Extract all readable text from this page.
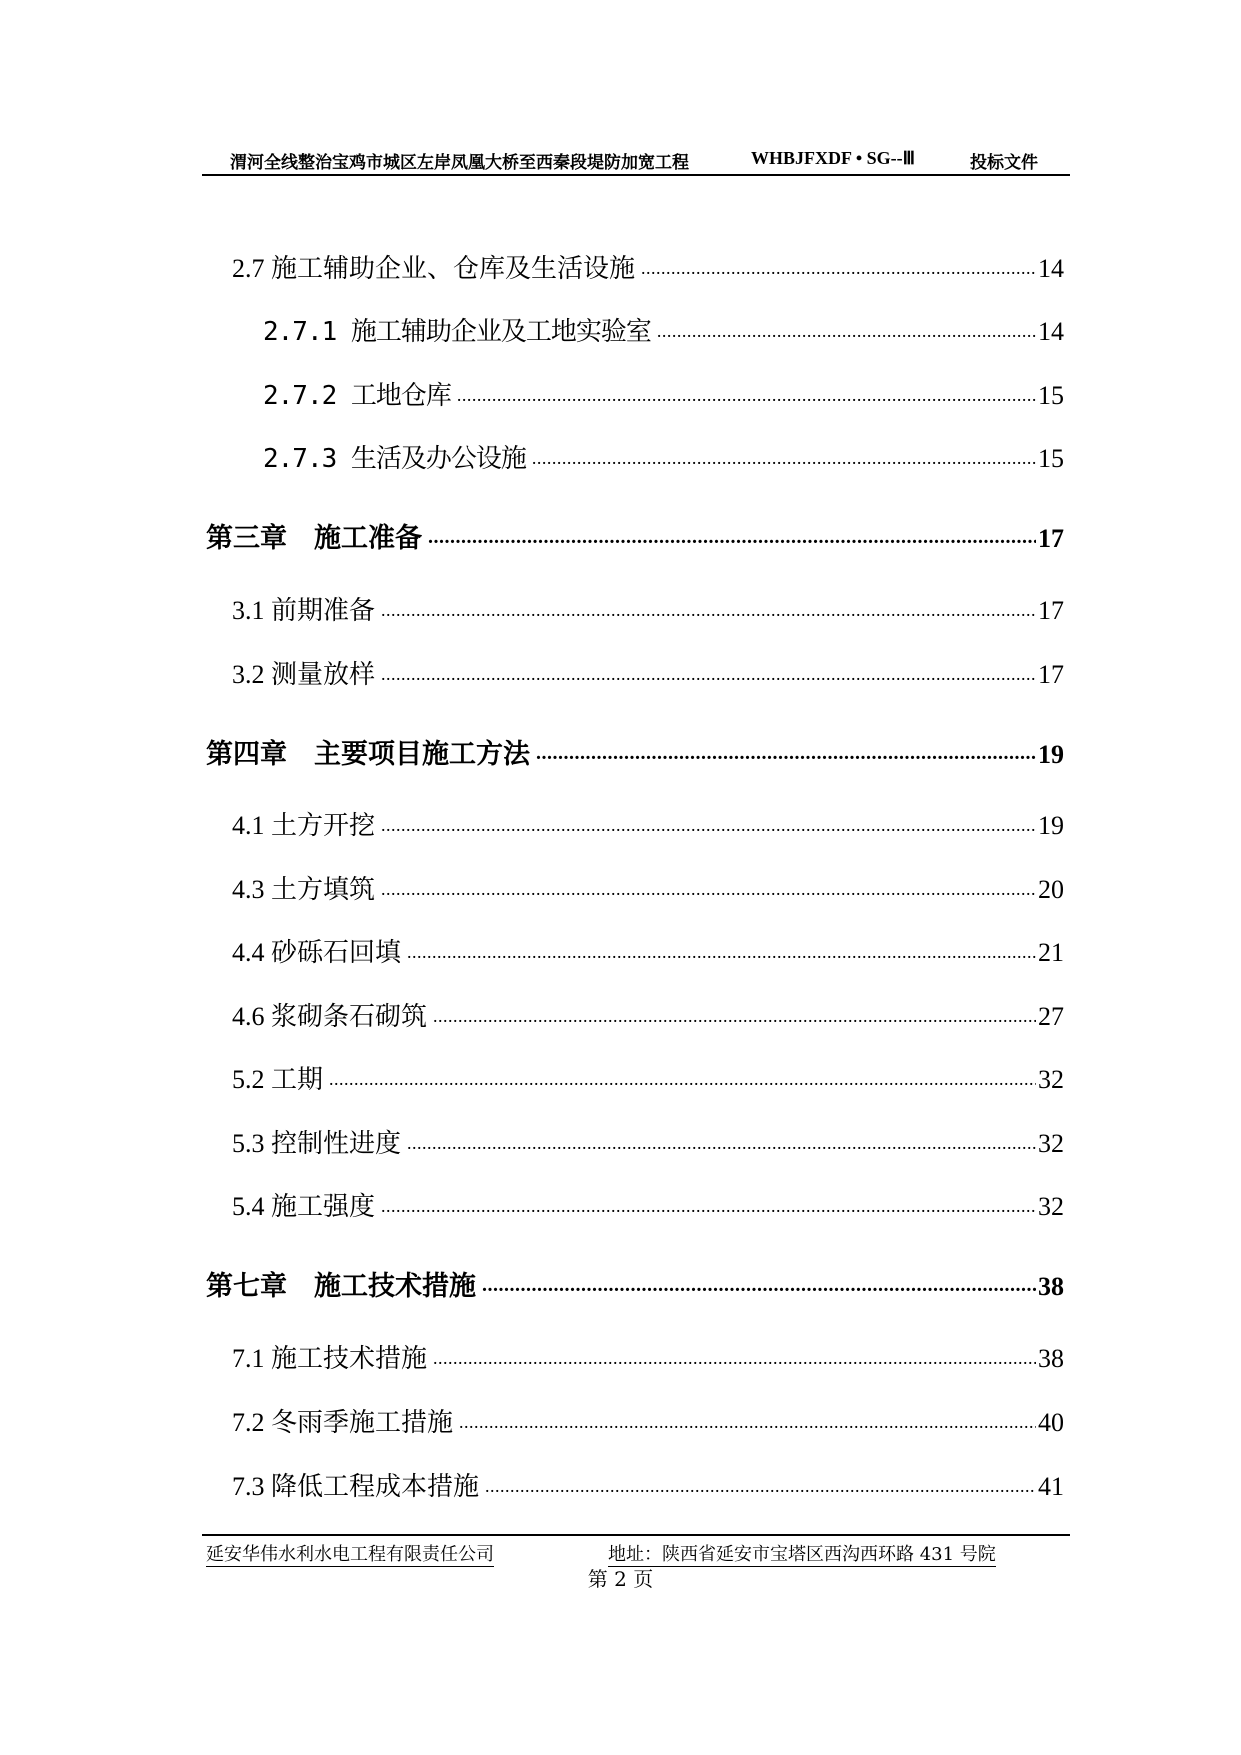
渭河全线整治宝鸡市城区左岸凤凰大桥至西秦段堤防加宽工程	WHBJFXDF • SG--Ⅲ	投标文件
2.7 施工辅助企业、仓库及生活设施 .....	14
2.7.1 施工辅助企业及工地实验室 .....	14
2.7.2 工地仓库 .....	15
2.7.3 生活及办公设施 .....	15
第三章　施工准备 .....	17
3.1 前期准备 .....	17
3.2 测量放样 .....	17
第四章　主要项目施工方法 .....	19
4.1 土方开挖 .....	19
4.3 土方填筑 .....	20
4.4 砂砾石回填 .....	21
4.6 浆砌条石砌筑 .....	27
5.2 工期 .....	32
5.3 控制性进度 .....	32
5.4 施工强度 .....	32
第七章　施工技术措施 .....	38
7.1 施工技术措施 .....	38
7.2 冬雨季施工措施 .....	40
7.3 降低工程成本措施 .....	41
延安华伟水利水电工程有限责任公司	地址：陕西省延安市宝塔区西沟西环路 431 号院
第 2 页
